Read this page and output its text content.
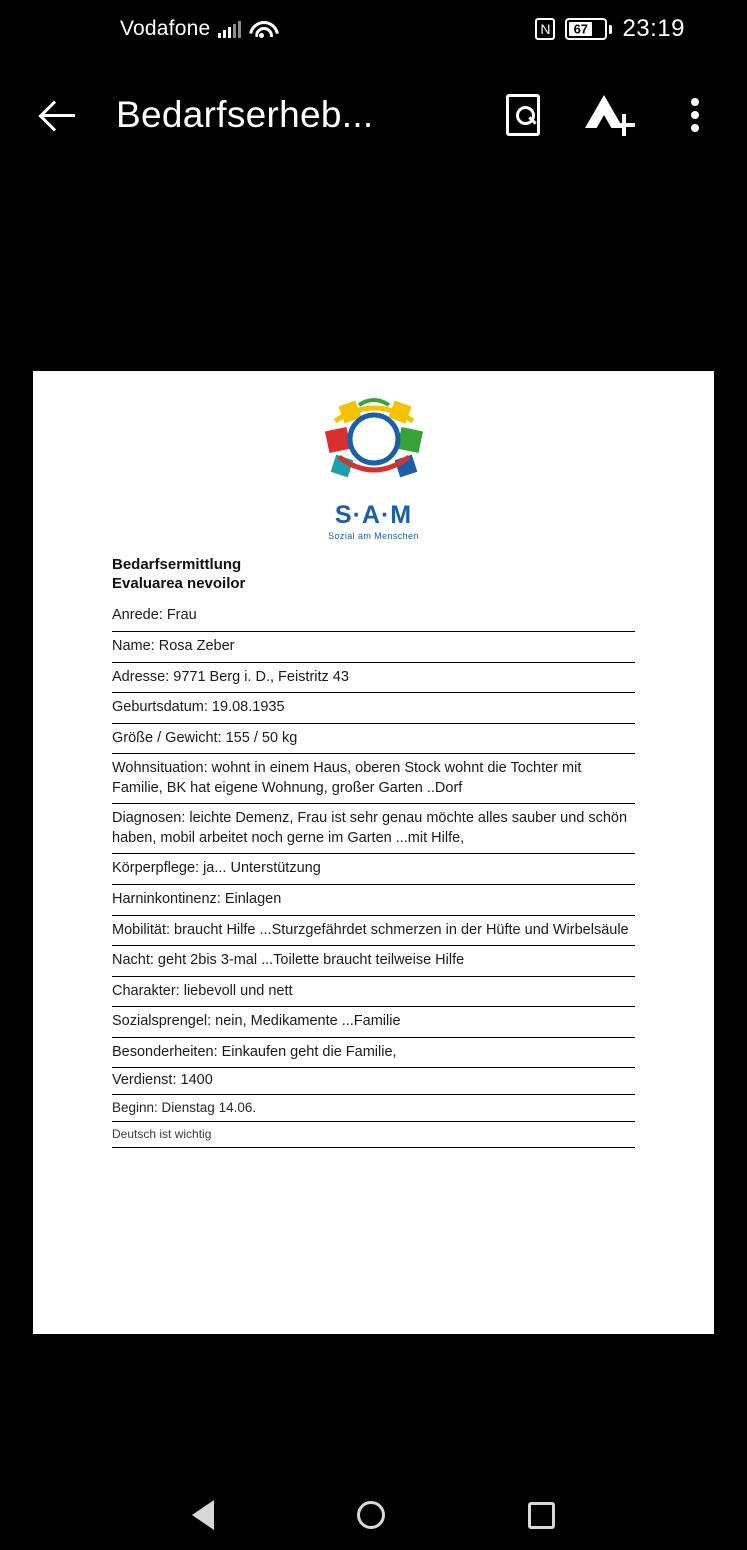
Vodafone	67 23:19
Bedarfserheb...
S·A·M
Sozial am Menschen
Bedarfsermittlung
Evaluarea nevoilor
Anrede: Frau
Name: Rosa Zeber
Adresse: 9771 Berg i. D., Feistritz 43
Geburtsdatum: 19.08.1935
Größe / Gewicht: 155 / 50 kg
Wohnsituation: wohnt in einem Haus, oberen Stock wohnt die Tochter mit Familie, BK hat eigene Wohnung, großer Garten ..Dorf
Diagnosen: leichte Demenz, Frau ist sehr genau möchte alles sauber und schön haben, mobil arbeitet noch gerne im Garten ...mit Hilfe,
Körperpflege: ja... Unterstützung
Harninkontinenz: Einlagen
Mobilität: braucht Hilfe ...Sturzgefährdet schmerzen in der Hüfte und Wirbelsäule
Nacht: geht 2bis 3-mal ...Toilette braucht teilweise Hilfe
Charakter: liebevoll und nett
Sozialsprengel: nein, Medikamente ...Familie
Besonderheiten: Einkaufen geht die Familie,
Verdienst: 1400
Beginn: Dienstag 14.06.
Deutsch ist wichtig
